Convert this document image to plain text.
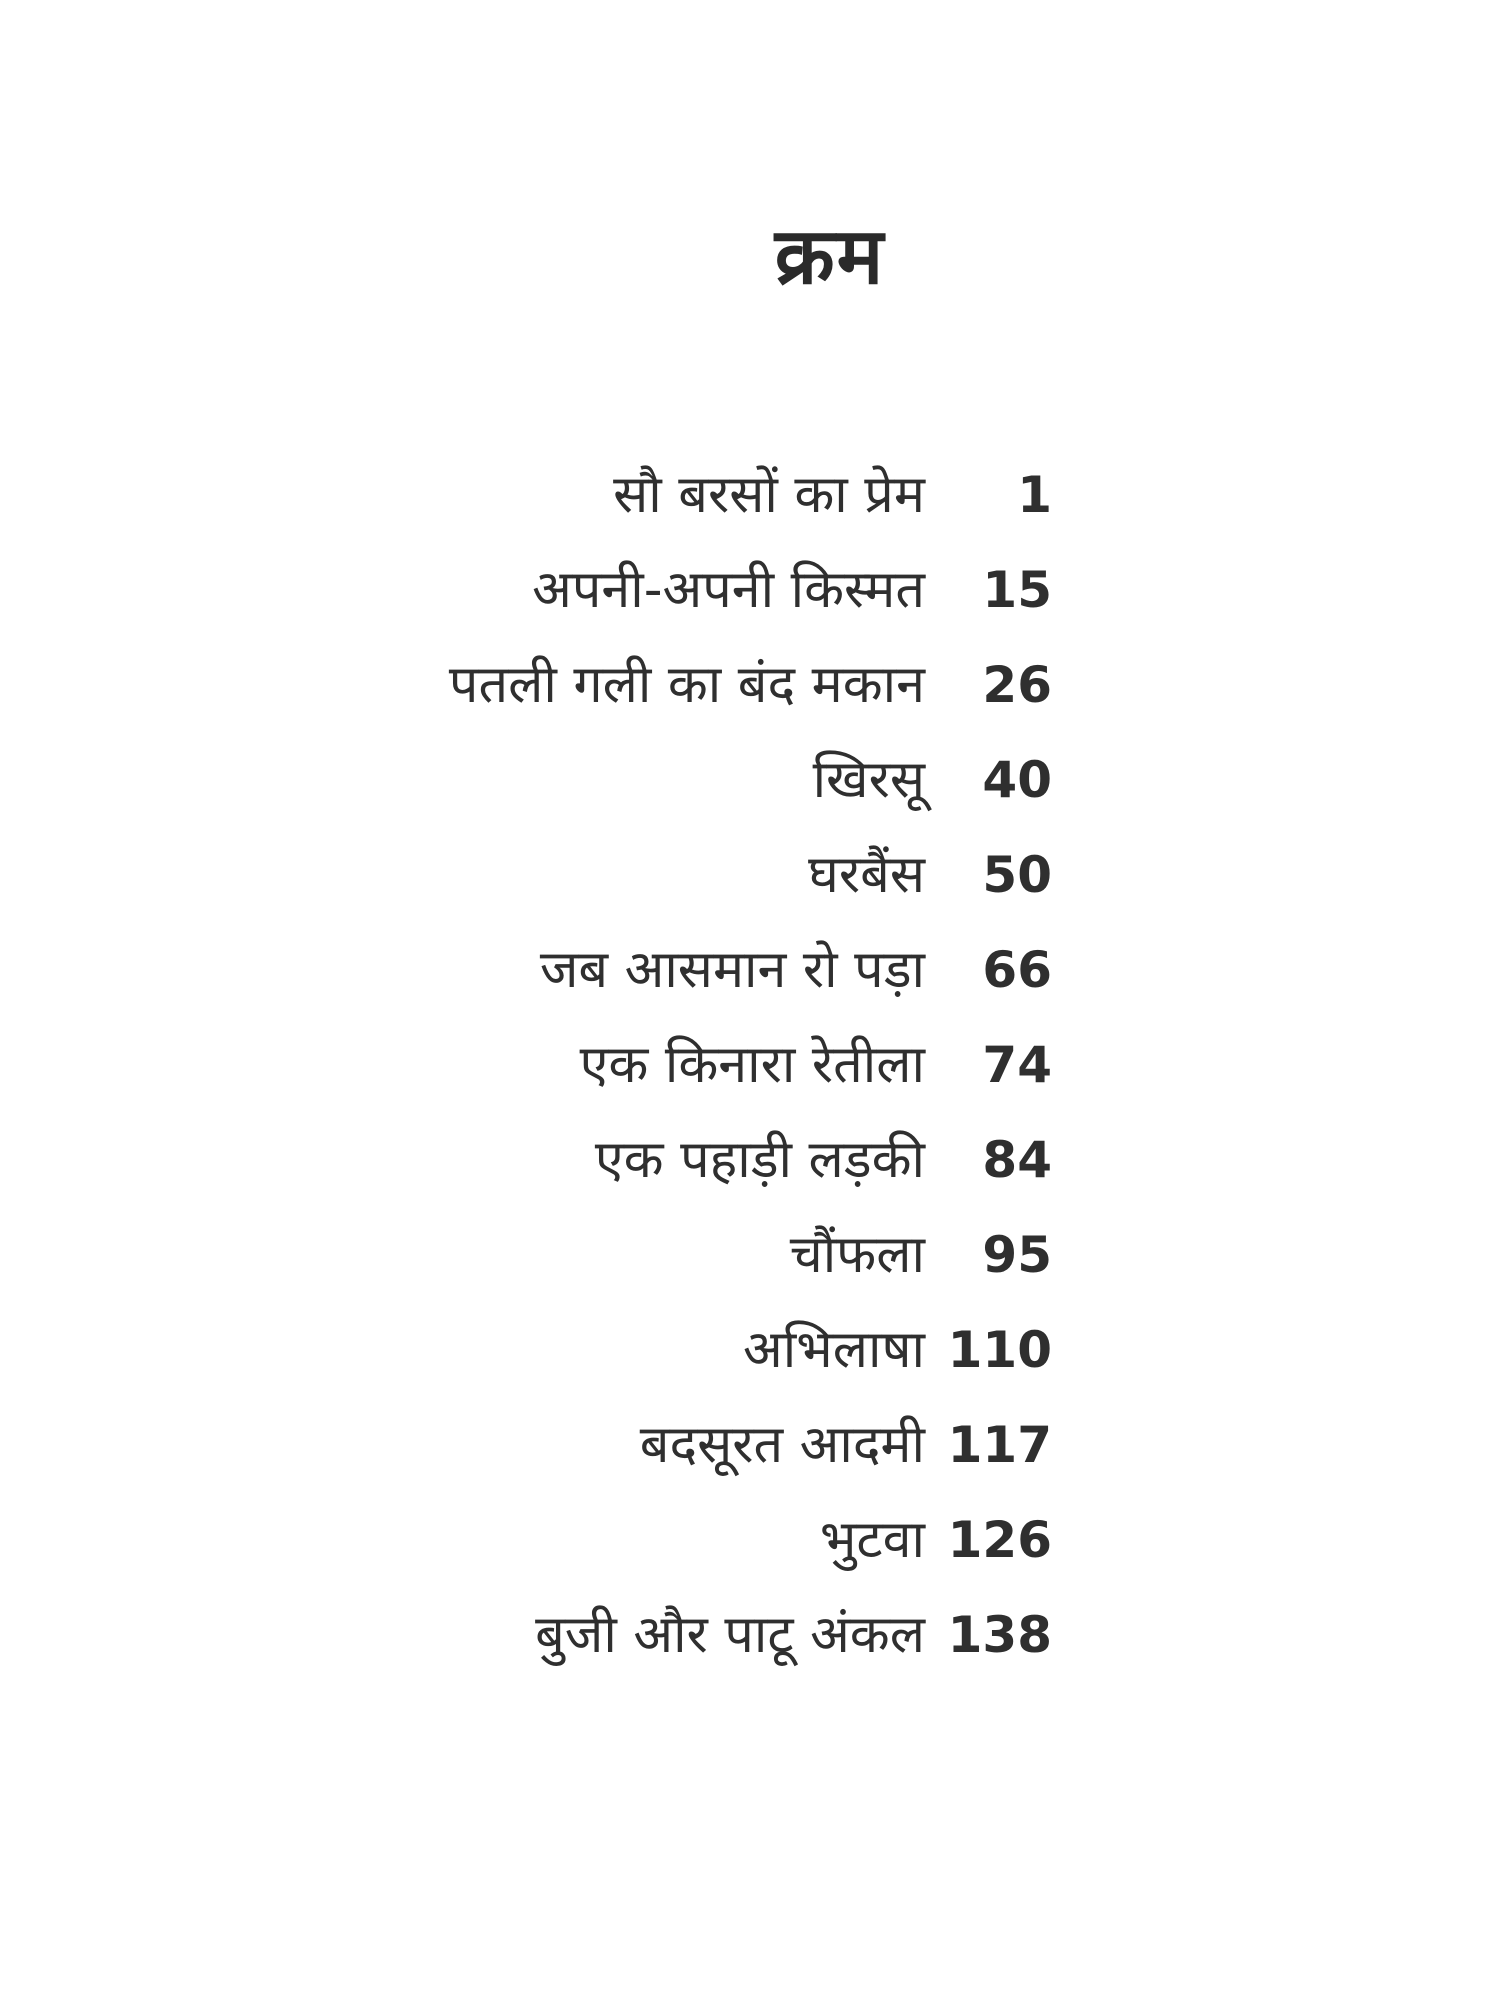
क्रम
सौ बरसों का प्रेम	1
अपनी-अपनी किस्मत	15
पतली गली का बंद मकान	26
खिरसू	40
घरबैंस	50
जब आसमान रो पड़ा	66
एक किनारा रेतीला	74
एक पहाड़ी लड़की	84
चौंफला	95
अभिलाषा 110
बदसूरत आदमी 117
भुटवा 126
बुजी और पाटू अंकल 138
